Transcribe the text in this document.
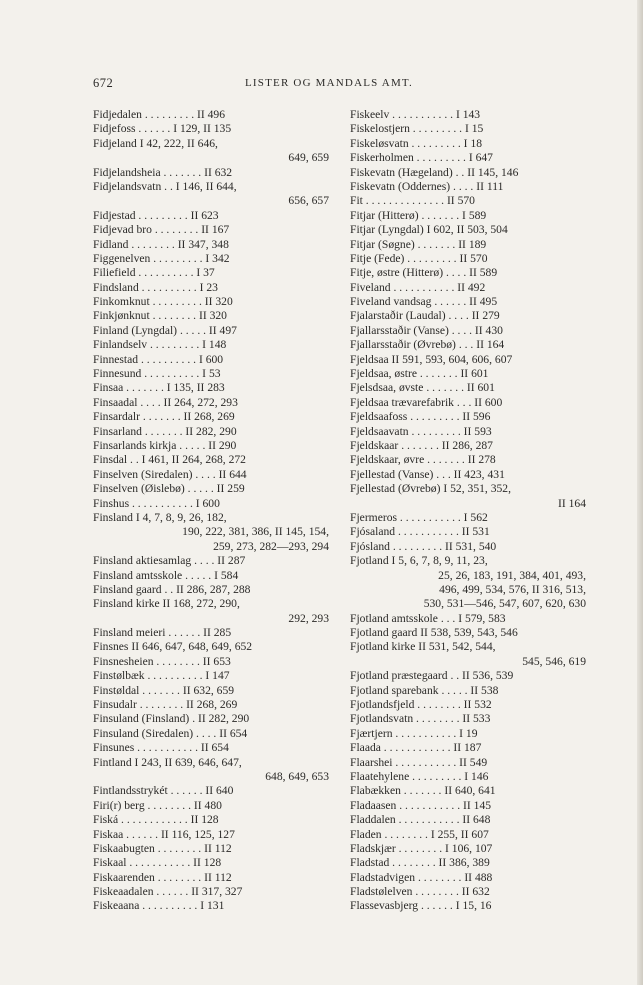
672	LISTER OG MANDALS AMT.
Fidjedalen . . . . . . . . . II 496
Fidjefoss . . . . . . I 129, II 135
Fidjeland I 42, 222, II 646,
649, 659
Fidjelandsheia . . . . . . . II 632
Fidjelandsvatn . . I 146, II 644,
656, 657
Fidjestad . . . . . . . . . II 623
Fidjevad bro . . . . . . . . II 167
Fidland . . . . . . . . II 347, 348
Figgenelven . . . . . . . . . I 342
Filiefield . . . . . . . . . . I 37
Findsland . . . . . . . . . . I 23
Finkomknut . . . . . . . . . II 320
Finkjønknut . . . . . . . . II 320
Finland (Lyngdal) . . . . . II 497
Finlandselv . . . . . . . . . I 148
Finnestad . . . . . . . . . . I 600
Finnesund . . . . . . . . . . I 53
Finsaa . . . . . . . I 135, II 283
Finsaadal . . . . II 264, 272, 293
Finsardalr . . . . . . . II 268, 269
Finsarland . . . . . . . II 282, 290
Finsarlands kirkja . . . . . II 290
Finsdal . . I 461, II 264, 268, 272
Finselven (Siredalen) . . . . II 644
Finselven (Øislebø) . . . . . II 259
Finshus . . . . . . . . . . . I 600
Finsland I 4, 7, 8, 9, 26, 182,
190, 222, 381, 386, II 145, 154,
259, 273, 282—293, 294
Finsland aktiesamlag . . . . II 287
Finsland amtsskole . . . . . I 584
Finsland gaard . . II 286, 287, 288
Finsland kirke II 168, 272, 290,
292, 293
Finsland meieri . . . . . . II 285
Finsnes II 646, 647, 648, 649, 652
Finsnesheien . . . . . . . . II 653
Finstølbæk . . . . . . . . . . I 147
Finstøldal . . . . . . . II 632, 659
Finsudalr . . . . . . . . II 268, 269
Finsuland (Finsland) . II 282, 290
Finsuland (Siredalen) . . . . II 654
Finsunes . . . . . . . . . . . II 654
Fintland I 243, II 639, 646, 647,
648, 649, 653
Fintlandsstrykét . . . . . . II 640
Firi(r) berg . . . . . . . . II 480
Fiská . . . . . . . . . . . . II 128
Fiskaa . . . . . . II 116, 125, 127
Fiskaabugten . . . . . . . . II 112
Fiskaal . . . . . . . . . . . II 128
Fiskaarenden . . . . . . . . II 112
Fiskeaadalen . . . . . . II 317, 327
Fiskeaana . . . . . . . . . . I 131
Fiskeelv . . . . . . . . . . . I 143
Fiskelostjern . . . . . . . . . I 15
Fiskeløsvatn . . . . . . . . . I 18
Fiskerholmen . . . . . . . . . I 647
Fiskevatn (Hægeland) . . II 145, 146
Fiskevatn (Oddernes) . . . . II 111
Fit . . . . . . . . . . . . . . II 570
Fitjar (Hitterø) . . . . . . . I 589
Fitjar (Lyngdal) I 602, II 503, 504
Fitjar (Søgne) . . . . . . . II 189
Fitje (Fede) . . . . . . . . . II 570
Fitje, østre (Hitterø) . . . . II 589
Fiveland . . . . . . . . . . . II 492
Fiveland vandsag . . . . . . II 495
Fjalarstaðir (Laudal) . . . . II 279
Fjallarsstaðir (Vanse) . . . . II 430
Fjallarsstaðir (Øvrebø) . . . II 164
Fjeldsaa II 591, 593, 604, 606, 607
Fjeldsaa, østre . . . . . . . II 601
Fjelsdsaa, øvste . . . . . . . II 601
Fjeldsaa trævarefabrik . . . II 600
Fjeldsaafoss . . . . . . . . . II 596
Fjeldsaavatn . . . . . . . . . II 593
Fjeldskaar . . . . . . . II 286, 287
Fjeldskaar, øvre . . . . . . . II 278
Fjellestad (Vanse) . . . II 423, 431
Fjellestad (Øvrebø) I 52, 351, 352,
II 164
Fjermeros . . . . . . . . . . . I 562
Fjósaland . . . . . . . . . . . II 531
Fjósland . . . . . . . . . II 531, 540
Fjotland I 5, 6, 7, 8, 9, 11, 23,
25, 26, 183, 191, 384, 401, 493,
496, 499, 534, 576, II 316, 513,
530, 531—546, 547, 607, 620, 630
Fjotland amtsskole . . . I 579, 583
Fjotland gaard II 538, 539, 543, 546
Fjotland kirke II 531, 542, 544,
545, 546, 619
Fjotland præstegaard . . II 536, 539
Fjotland sparebank . . . . . II 538
Fjotlandsfjeld . . . . . . . . II 532
Fjotlandsvatn . . . . . . . . II 533
Fjærtjern . . . . . . . . . . . I 19
Flaada . . . . . . . . . . . . II 187
Flaarshei . . . . . . . . . . . II 549
Flaatehylene . . . . . . . . . I 146
Flabækken . . . . . . . II 640, 641
Fladaasen . . . . . . . . . . . II 145
Fladdalen . . . . . . . . . . . II 648
Fladen . . . . . . . . I 255, II 607
Fladskjær . . . . . . . . I 106, 107
Fladstad . . . . . . . . II 386, 389
Fladstadvigen . . . . . . . . II 488
Fladstølelven . . . . . . . . II 632
Flassevasbjerg . . . . . . I 15, 16
